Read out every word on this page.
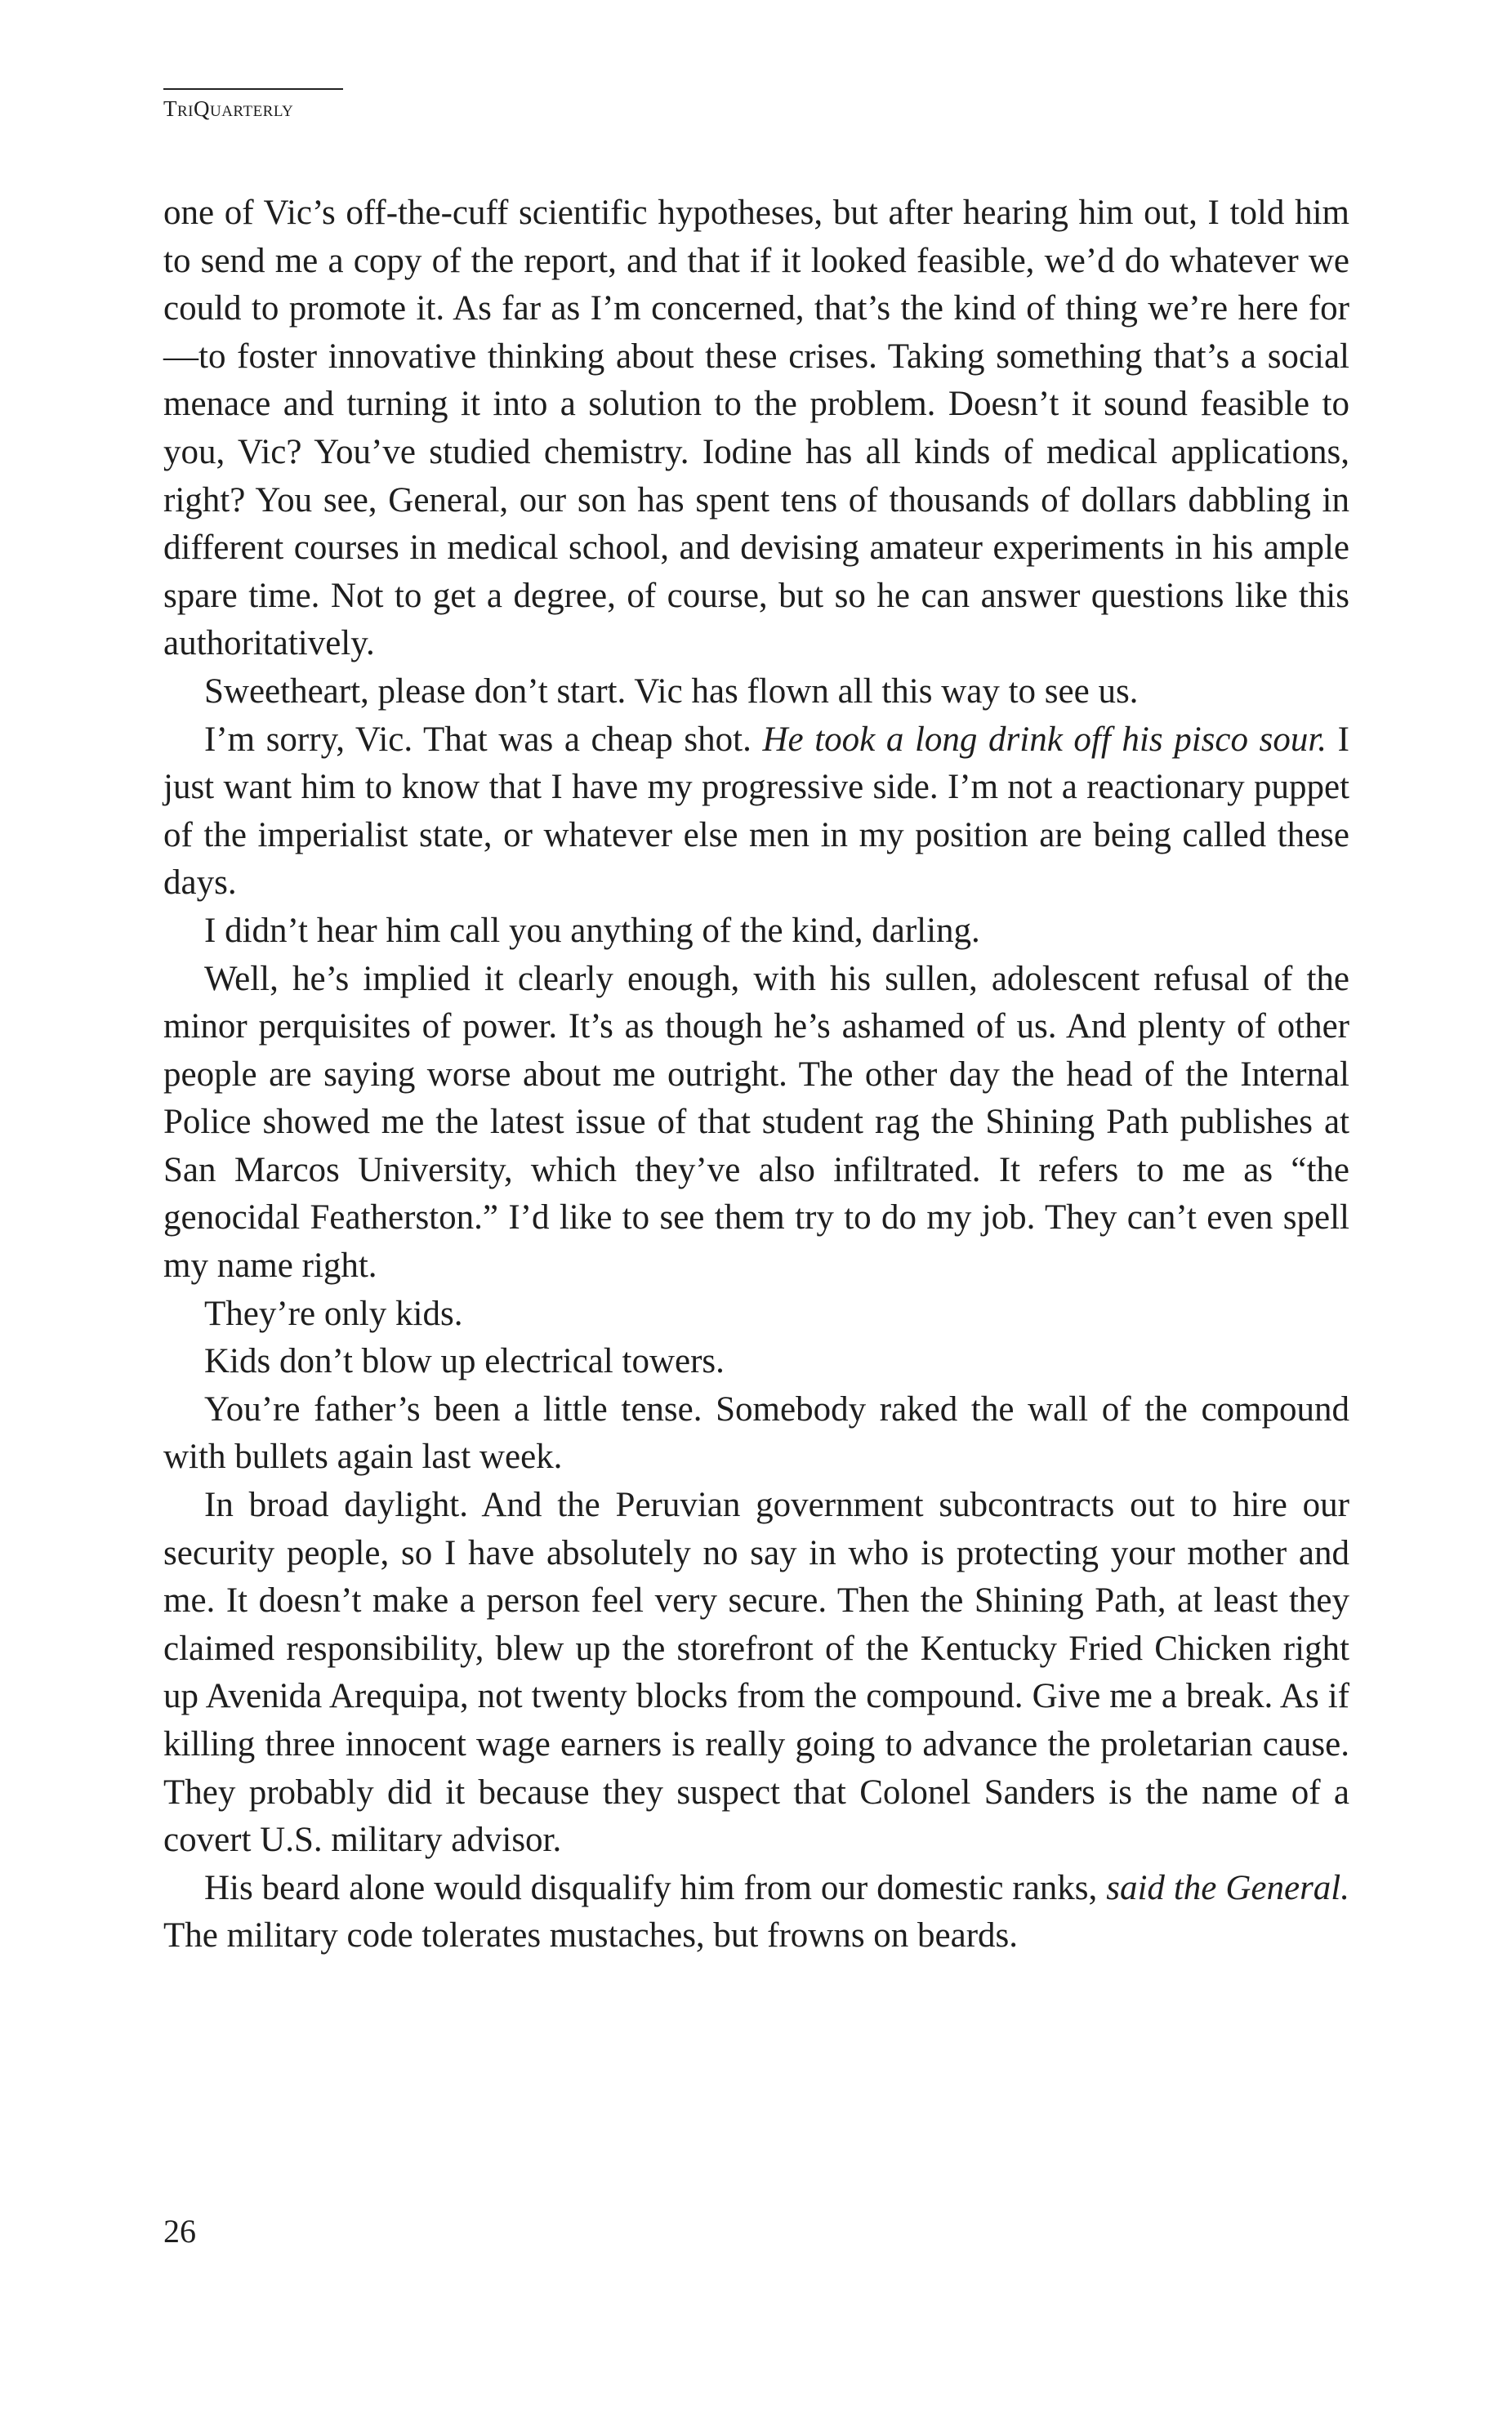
TriQuarterly

one of Vic’s off-the-cuff scientific hypotheses, but after hearing him out, I told him to send me a copy of the report, and that if it looked feasible, we’d do whatever we could to promote it. As far as I’m concerned, that’s the kind of thing we’re here for—to foster innovative thinking about these crises. Taking something that’s a social menace and turning it into a solution to the problem. Doesn’t it sound feasible to you, Vic? You’ve studied chemistry. Iodine has all kinds of medical applications, right? You see, General, our son has spent tens of thousands of dollars dabbling in different courses in medical school, and devising amateur experiments in his ample spare time. Not to get a degree, of course, but so he can answer questions like this authoritatively.

Sweetheart, please don’t start. Vic has flown all this way to see us.

I’m sorry, Vic. That was a cheap shot. He took a long drink off his pisco sour. I just want him to know that I have my progressive side. I’m not a reactionary puppet of the imperialist state, or whatever else men in my position are being called these days.

I didn’t hear him call you anything of the kind, darling.

Well, he’s implied it clearly enough, with his sullen, adolescent refusal of the minor perquisites of power. It’s as though he’s ashamed of us. And plenty of other people are saying worse about me outright. The other day the head of the Internal Police showed me the latest issue of that student rag the Shining Path publishes at San Marcos University, which they’ve also infiltrated. It refers to me as “the genocidal Featherston.” I’d like to see them try to do my job. They can’t even spell my name right.

They’re only kids.

Kids don’t blow up electrical towers.

You’re father’s been a little tense. Somebody raked the wall of the compound with bullets again last week.

In broad daylight. And the Peruvian government subcontracts out to hire our security people, so I have absolutely no say in who is protecting your mother and me. It doesn’t make a person feel very secure. Then the Shining Path, at least they claimed responsibility, blew up the storefront of the Kentucky Fried Chicken right up Avenida Arequipa, not twenty blocks from the compound. Give me a break. As if killing three innocent wage earners is really going to advance the proletarian cause. They probably did it because they suspect that Colonel Sanders is the name of a covert U.S. military advisor.

His beard alone would disqualify him from our domestic ranks, said the General. The military code tolerates mustaches, but frowns on beards.

26
